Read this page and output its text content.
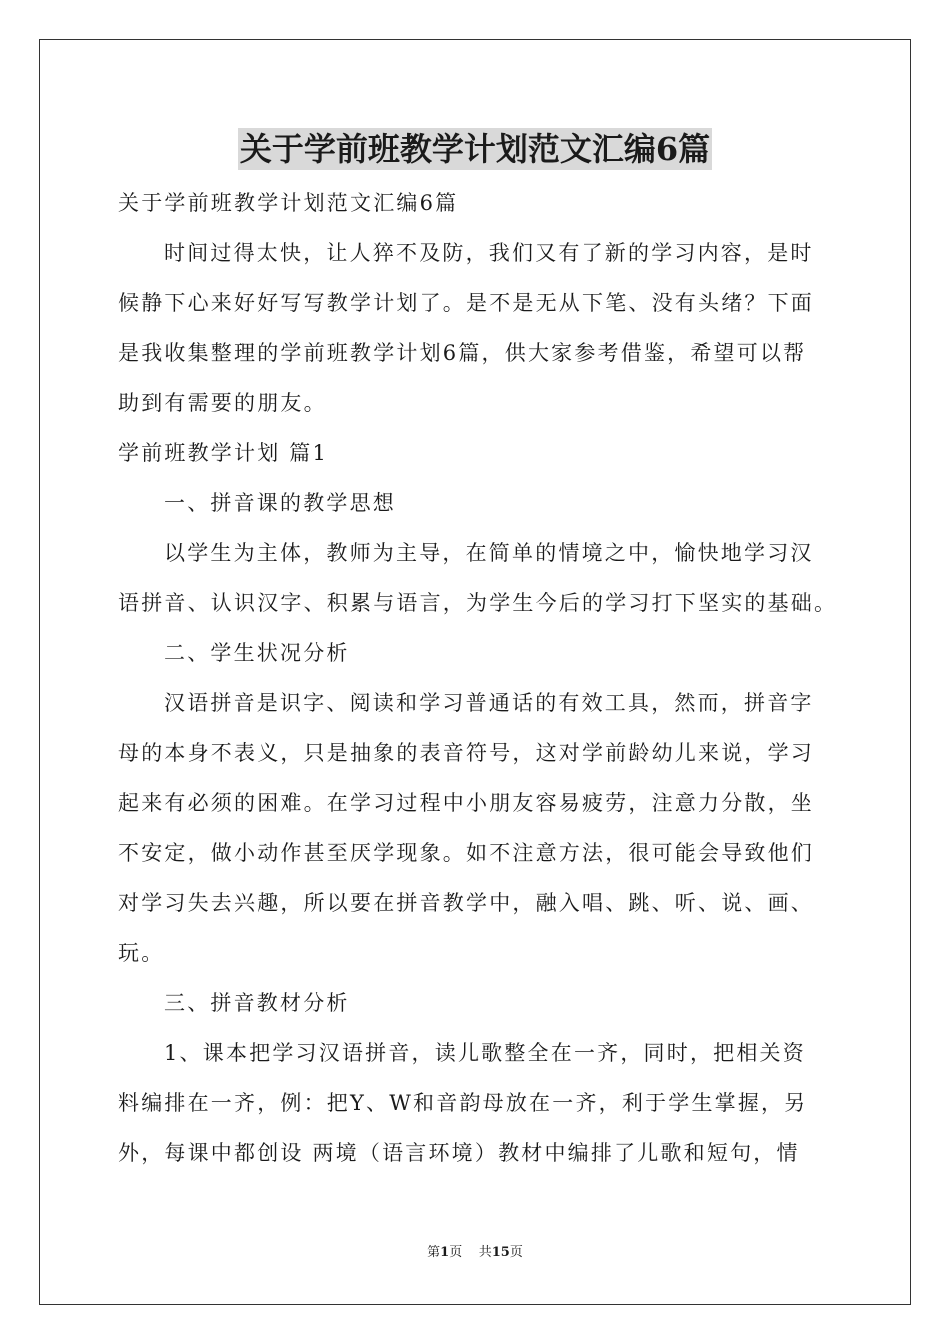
关于学前班教学计划范文汇编6篇
关于学前班教学计划范文汇编6篇
时间过得太快，让人猝不及防，我们又有了新的学习内容，是时
候静下心来好好写写教学计划了。是不是无从下笔、没有头绪？下面
是我收集整理的学前班教学计划6篇，供大家参考借鉴，希望可以帮
助到有需要的朋友。
学前班教学计划 篇1
一、拼音课的教学思想
以学生为主体，教师为主导，在简单的情境之中，愉快地学习汉
语拼音、认识汉字、积累与语言，为学生今后的学习打下坚实的基础。
二、学生状况分析
汉语拼音是识字、阅读和学习普通话的有效工具，然而，拼音字
母的本身不表义，只是抽象的表音符号，这对学前龄幼儿来说，学习
起来有必须的困难。在学习过程中小朋友容易疲劳，注意力分散，坐
不安定，做小动作甚至厌学现象。如不注意方法，很可能会导致他们
对学习失去兴趣，所以要在拼音教学中，融入唱、跳、听、说、画、
玩。
三、拼音教材分析
1、课本把学习汉语拼音，读儿歌整全在一齐，同时，把相关资
料编排在一齐，例：把Y、W和音韵母放在一齐，利于学生掌握，另
外，每课中都创设 两境（语言环境）教材中编排了儿歌和短句，情
第1页 共15页
